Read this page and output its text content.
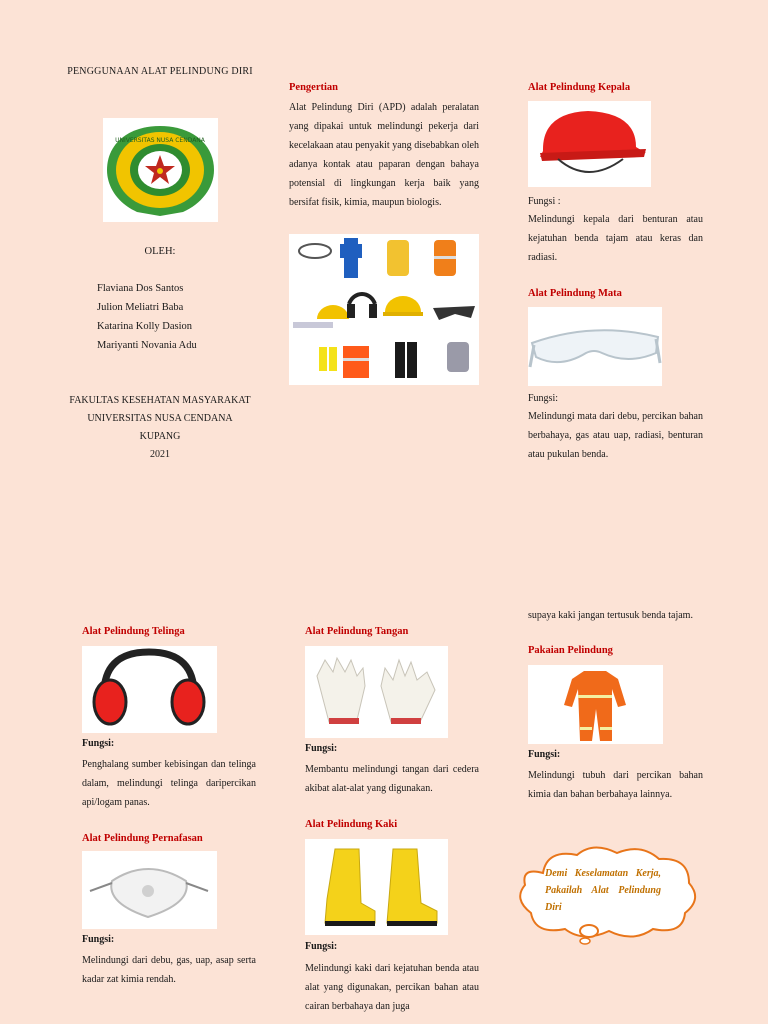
PENGGUNAAN ALAT PELINDUNG DIRI
UNIVERSITAS NUSA CENDANA
OLEH:
Flaviana Dos Santos
Julion Meliatri Baba
Katarina Kolly Dasion
Mariyanti Novania Adu
FAKULTAS KESEHATAN MASYARAKAT
UNIVERSITAS NUSA CENDANA
KUPANG
2021
Pengertian
Alat Pelindung Diri (APD) adalah peralatan yang dipakai untuk melindungi pekerja dari kecelakaan atau penyakit yang disebabkan oleh adanya kontak atau paparan dengan bahaya potensial di lingkungan kerja baik yang bersifat fisik, kimia, maupun biologis.
Alat Pelindung Kepala
Fungsi :
Melindungi kepala dari benturan atau kejatuhan benda tajam atau keras dan radiasi.
Alat Pelindung Mata
Fungsi:
Melindungi mata dari debu, percikan bahan berbahaya, gas atau uap, radiasi, benturan atau pukulan benda.
Alat Pelindung Telinga
Fungsi:
Penghalang sumber kebisingan dan telinga dalam, melindungi telinga daripercikan api/logam panas.
Alat Pelindung Pernafasan
Fungsi:
Melindungi dari debu, gas, uap, asap serta kadar zat kimia rendah.
Alat Pelindung Tangan
Fungsi:
Membantu melindungi tangan dari cedera akibat alat-alat yang digunakan.
Alat Pelindung Kaki
Fungsi:
Melindungi kaki dari kejatuhan benda atau alat yang digunakan, percikan bahan atau cairan berbahaya dan juga
supaya kaki jangan tertusuk benda tajam.
Pakaian Pelindung
Fungsi:
Melindungi tubuh dari percikan bahan kimia dan bahan berbahaya lainnya.
Demi Keselamatan Kerja, Pakailah Alat Pelindung Diri
